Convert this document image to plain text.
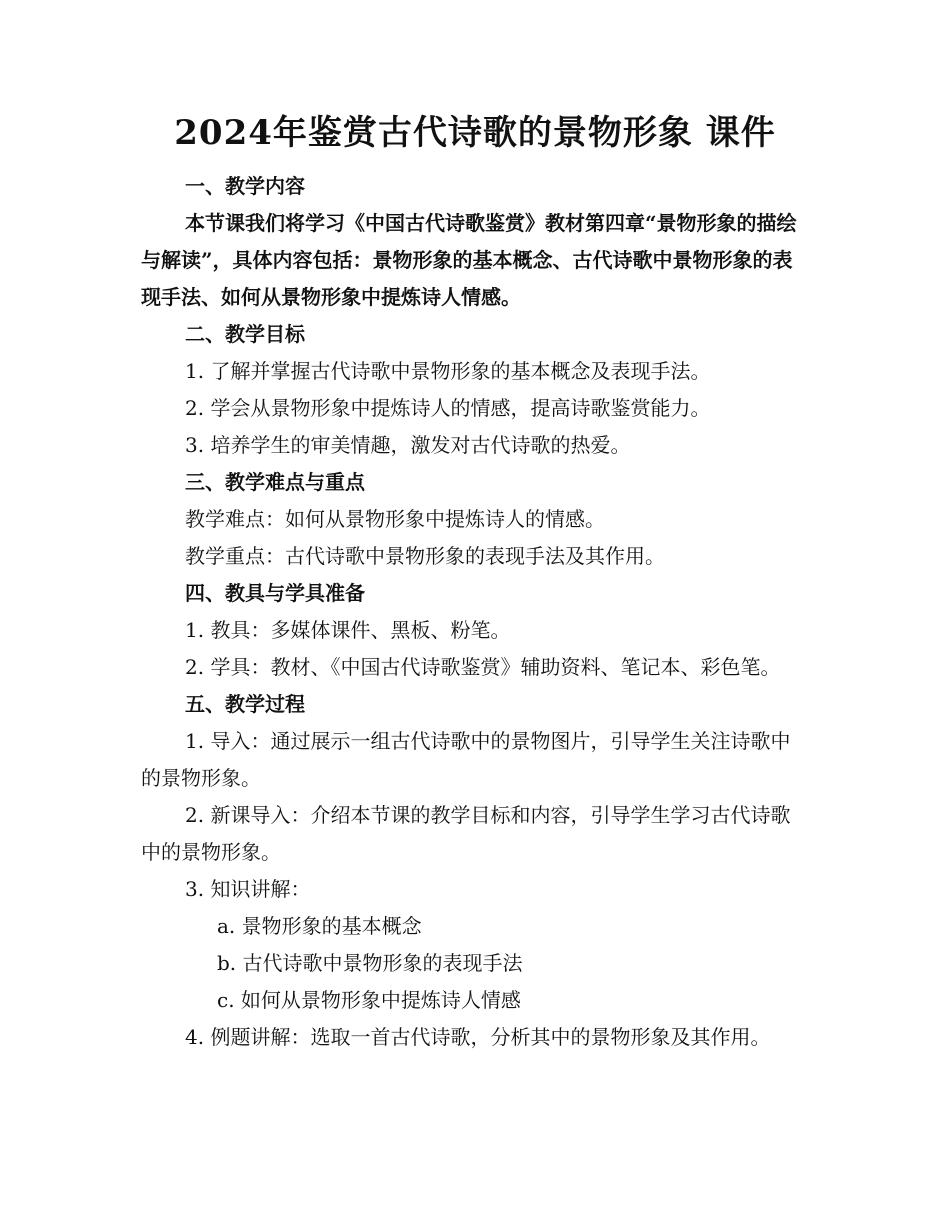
2024年鉴赏古代诗歌的景物形象 课件

一、教学内容

本节课我们将学习《中国古代诗歌鉴赏》教材第四章“景物形象的描绘与解读”，具体内容包括：景物形象的基本概念、古代诗歌中景物形象的表现手法、如何从景物形象中提炼诗人情感。

二、教学目标

1. 了解并掌握古代诗歌中景物形象的基本概念及表现手法。

2. 学会从景物形象中提炼诗人的情感，提高诗歌鉴赏能力。

3. 培养学生的审美情趣，激发对古代诗歌的热爱。

三、教学难点与重点

教学难点：如何从景物形象中提炼诗人的情感。

教学重点：古代诗歌中景物形象的表现手法及其作用。

四、教具与学具准备

1. 教具：多媒体课件、黑板、粉笔。

2. 学具：教材、《中国古代诗歌鉴赏》辅助资料、笔记本、彩色笔。

五、教学过程

1. 导入：通过展示一组古代诗歌中的景物图片，引导学生关注诗歌中的景物形象。

2. 新课导入：介绍本节课的教学目标和内容，引导学生学习古代诗歌中的景物形象。

3. 知识讲解：

a. 景物形象的基本概念

b. 古代诗歌中景物形象的表现手法

c. 如何从景物形象中提炼诗人情感

4. 例题讲解：选取一首古代诗歌，分析其中的景物形象及其作用。
